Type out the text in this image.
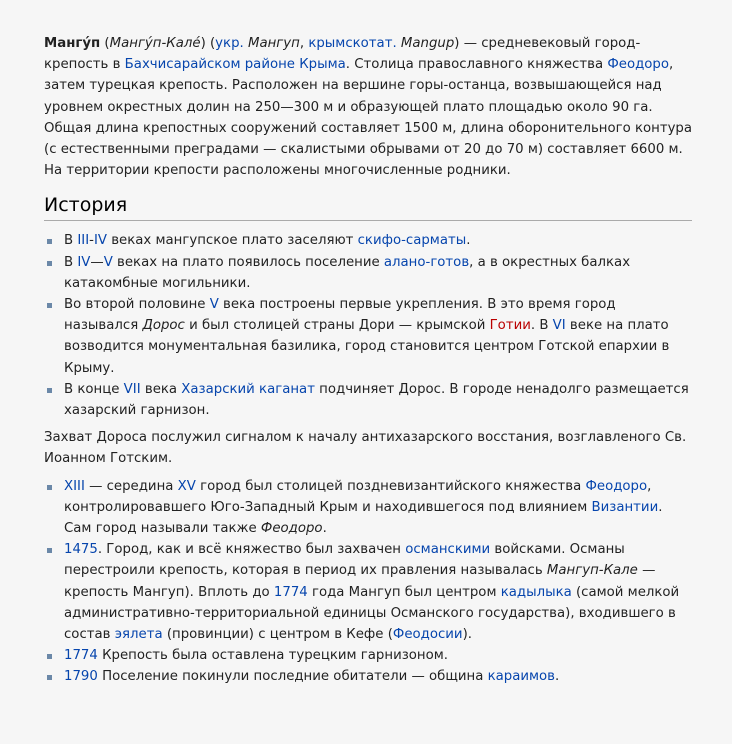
Мангу́п (Мангу́п-Кале́) (укр. Мангуп, крымскотат. Mangup) — средневековый город-крепость в Бахчисарайском районе Крыма. Столица православного княжества Феодоро, затем турецкая крепость. Расположен на вершине горы-останца, возвышающейся над уровнем окрестных долин на 250—300 м и образующей плато площадью около 90 га. Общая длина крепостных сооружений составляет 1500 м, длина оборонительного контура (с естественными преградами — скалистыми обрывами от 20 до 70 м) составляет 6600 м. На территории крепости расположены многочисленные родники.

История
В III-IV веках мангупское плато заселяют скифо-сарматы.
В IV—V веках на плато появилось поселение алано-готов, а в окрестных балках катакомбные могильники.
Во второй половине V века построены первые укрепления. В это время город назывался Дорос и был столицей страны Дори — крымской Готии. В VI веке на плато возводится монументальная базилика, город становится центром Готской епархии в Крыму.
В конце VII века Хазарский каганат подчиняет Дорос. В городе ненадолго размещается хазарский гарнизон.

Захват Дороса послужил сигналом к началу антихазарского восстания, возглавленого Св. Иоанном Готским.

XIII — середина XV город был столицей поздневизантийского княжества Феодоро, контролировавшего Юго-Западный Крым и находившегося под влиянием Византии. Сам город называли также Феодоро.
1475. Город, как и всё княжество был захвачен османскими войсками. Османы перестроили крепость, которая в период их правления называлась Мангуп-Кале — крепость Мангуп). Вплоть до 1774 года Мангуп был центром кадылыка (самой мелкой административно-территориальной единицы Османского государства), входившего в состав эялета (провинции) с центром в Кефе (Феодосии).
1774 Крепость была оставлена турецким гарнизоном.
1790 Поселение покинули последние обитатели — община караимов.
